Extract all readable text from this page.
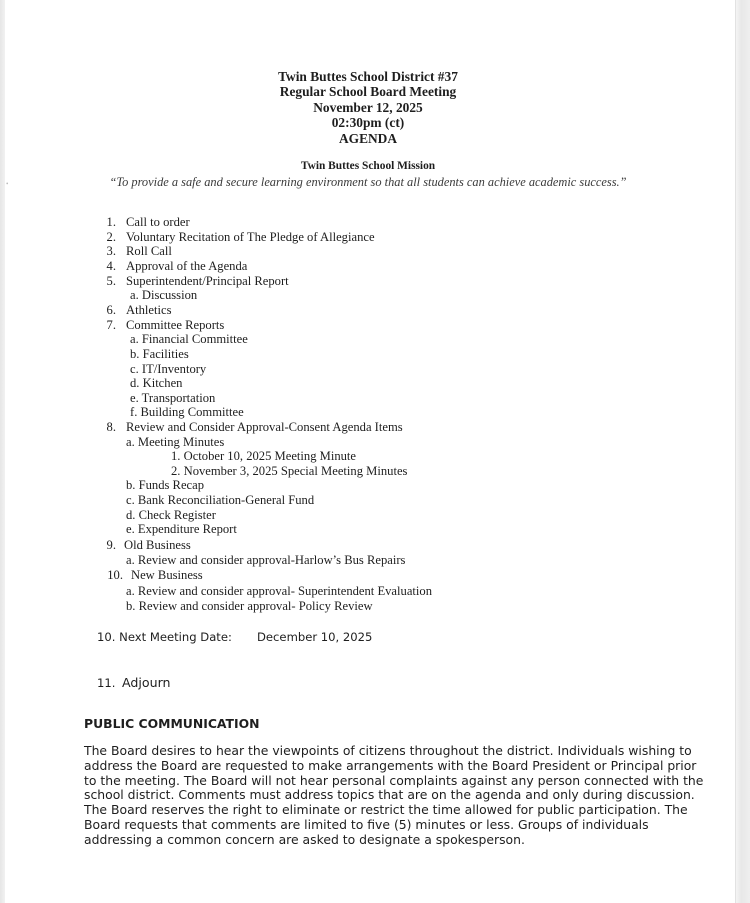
•
Twin Buttes School District #37
Regular School Board Meeting
November 12, 2025
02:30pm (ct)
AGENDA
Twin Buttes School Mission
“To provide a safe and secure learning environment so that all students can achieve academic success.”
1. Call to order
2. Voluntary Recitation of The Pledge of Allegiance
3. Roll Call
4. Approval of the Agenda
5. Superintendent/Principal Report
a. Discussion
6. Athletics
7. Committee Reports
a. Financial Committee
b. Facilities
c. IT/Inventory
d. Kitchen
e. Transportation
f. Building Committee
8. Review and Consider Approval-Consent Agenda Items
a. Meeting Minutes
1. October 10, 2025 Meeting Minute
2. November 3, 2025 Special Meeting Minutes
b. Funds Recap
c. Bank Reconciliation-General Fund
d. Check Register
e. Expenditure Report
9. Old Business
a. Review and consider approval-Harlow’s Bus Repairs
10. New Business
a. Review and consider approval- Superintendent Evaluation
b. Review and consider approval- Policy Review
10. Next Meeting Date: December 10, 2025
11. Adjourn
PUBLIC COMMUNICATION
The Board desires to hear the viewpoints of citizens throughout the district. Individuals wishing to
address the Board are requested to make arrangements with the Board President or Principal prior
to the meeting. The Board will not hear personal complaints against any person connected with the
school district. Comments must address topics that are on the agenda and only during discussion.
The Board reserves the right to eliminate or restrict the time allowed for public participation. The
Board requests that comments are limited to five (5) minutes or less. Groups of individuals
addressing a common concern are asked to designate a spokesperson.
